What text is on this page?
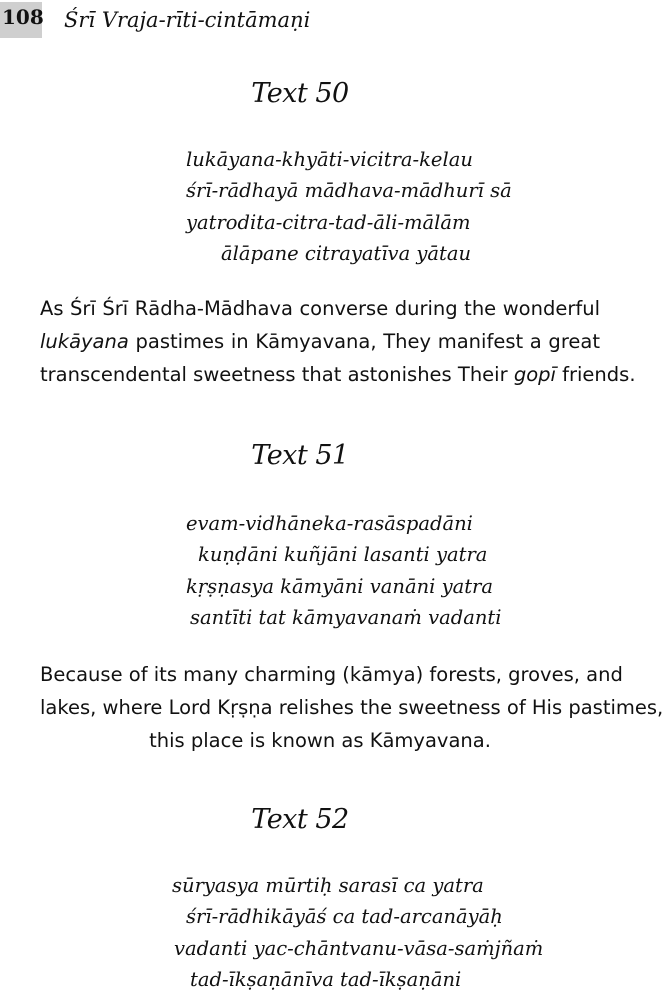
108 Śrī Vraja-rīti-cintāmaṇi
Text 50
lukāyana-khyāti-vicitra-kelau
śrī-rādhayā mādhava-mādhurī sā
yatrodita-citra-tad-āli-mālām
ālāpane citrayatīva yātau
As Śrī Śrī Rādha-Mādhava converse during the wonderful
lukāyana pastimes in Kāmyavana, They manifest a great
transcendental sweetness that astonishes Their gopī friends.
Text 51
evam-vidhāneka-rasāspadāni
kuṇḍāni kuñjāni lasanti yatra
kṛṣṇasya kāmyāni vanāni yatra
santīti tat kāmyavanaṁ vadanti
Because of its many charming (kāmya) forests, groves, and
lakes, where Lord Kṛṣṇa relishes the sweetness of His pastimes,
this place is known as Kāmyavana.
Text 52
sūryasya mūrtiḥ sarasī ca yatra
śrī-rādhikāyāś ca tad-arcanāyāḥ
vadanti yac-chāntvanu-vāsa-saṁjñaṁ
tad-īkṣaṇānīva tad-īkṣaṇāni
